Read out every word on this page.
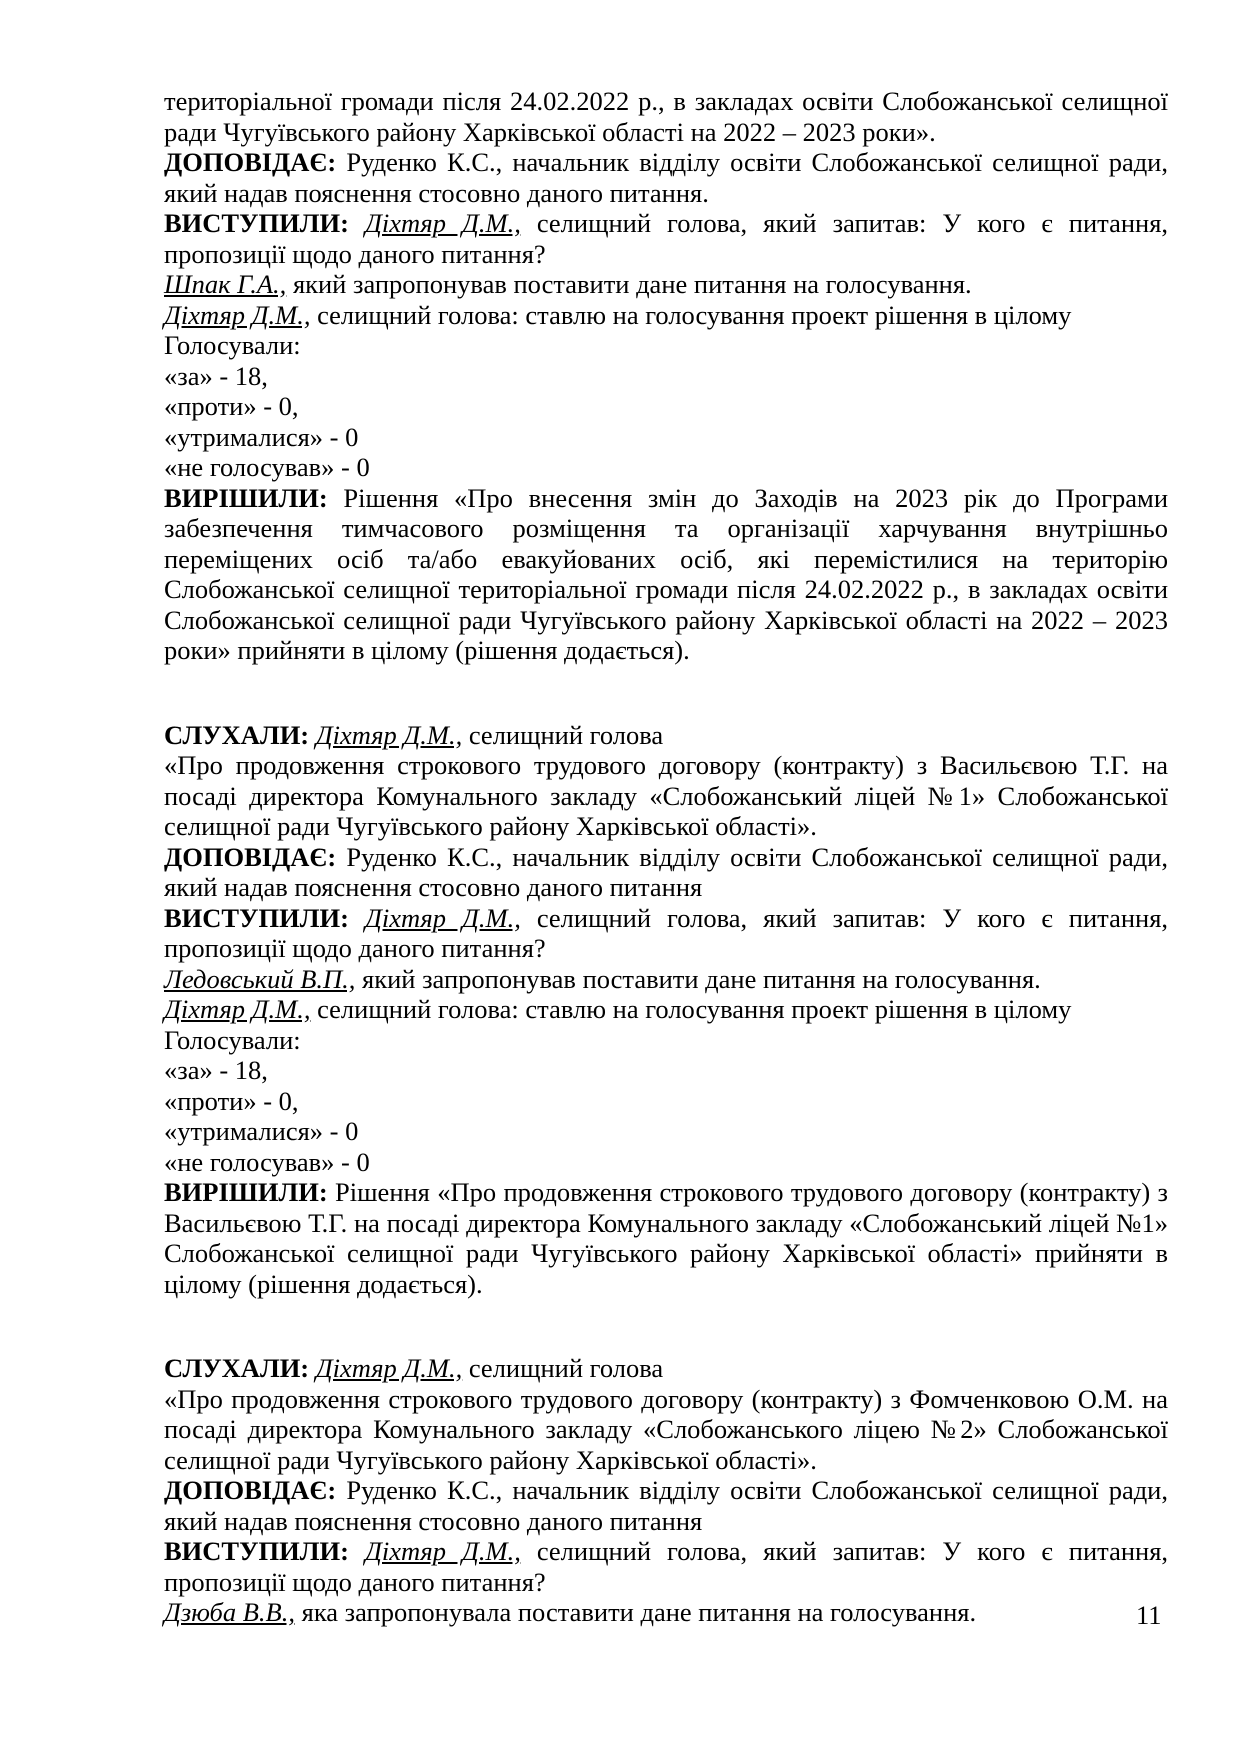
територіальної громади після 24.02.2022 р., в закладах освіти Слобожанської селищної ради Чугуївського району Харківської області на 2022 – 2023 роки».

ДОПОВІДАЄ: Руденко К.С., начальник відділу освіти Слобожанської селищної ради, який надав пояснення стосовно даного питання.

ВИСТУПИЛИ: Діхтяр Д.М., селищний голова, який запитав: У кого є питання, пропозиції щодо даного питання?

Шпак Г.А., який запропонував поставити дане питання на голосування.

Діхтяр Д.М., селищний голова: ставлю на голосування проект рішення в цілому

Голосували:

«за» - 18,

«проти» - 0,

«утрималися» - 0

«не голосував» - 0

ВИРІШИЛИ: Рішення «Про внесення змін до Заходів на 2023 рік до Програми забезпечення тимчасового розміщення та організації харчування внутрішньо переміщених осіб та/або евакуйованих осіб, які перемістилися на територію Слобожанської селищної територіальної громади після 24.02.2022 р., в закладах освіти Слобожанської селищної ради Чугуївського району Харківської області на 2022 – 2023 роки» прийняти в цілому (рішення додається).

СЛУХАЛИ: Діхтяр Д.М., селищний голова

«Про продовження строкового трудового договору (контракту) з Васильєвою Т.Г. на посаді директора Комунального закладу «Слобожанський ліцей №1» Слобожанської селищної ради Чугуївського району Харківської області».

ДОПОВІДАЄ: Руденко К.С., начальник відділу освіти Слобожанської селищної ради, який надав пояснення стосовно даного питання

ВИСТУПИЛИ: Діхтяр Д.М., селищний голова, який запитав: У кого є питання, пропозиції щодо даного питання?

Ледовський В.П., який запропонував поставити дане питання на голосування.

Діхтяр Д.М., селищний голова: ставлю на голосування проект рішення в цілому

Голосували:

«за» - 18,

«проти» - 0,

«утрималися» - 0

«не голосував» - 0

ВИРІШИЛИ: Рішення «Про продовження строкового трудового договору (контракту) з Васильєвою Т.Г. на посаді директора Комунального закладу «Слобожанський ліцей №1» Слобожанської селищної ради Чугуївського району Харківської області» прийняти в цілому (рішення додається).

СЛУХАЛИ: Діхтяр Д.М., селищний голова

«Про продовження строкового трудового договору (контракту) з Фомченковою О.М. на посаді директора Комунального закладу «Слобожанського ліцею №2» Слобожанської селищної ради Чугуївського району Харківської області».

ДОПОВІДАЄ: Руденко К.С., начальник відділу освіти Слобожанської селищної ради, який надав пояснення стосовно даного питання

ВИСТУПИЛИ: Діхтяр Д.М., селищний голова, який запитав: У кого є питання, пропозиції щодо даного питання?

Дзюба В.В., яка запропонувала поставити дане питання на голосування.	11
